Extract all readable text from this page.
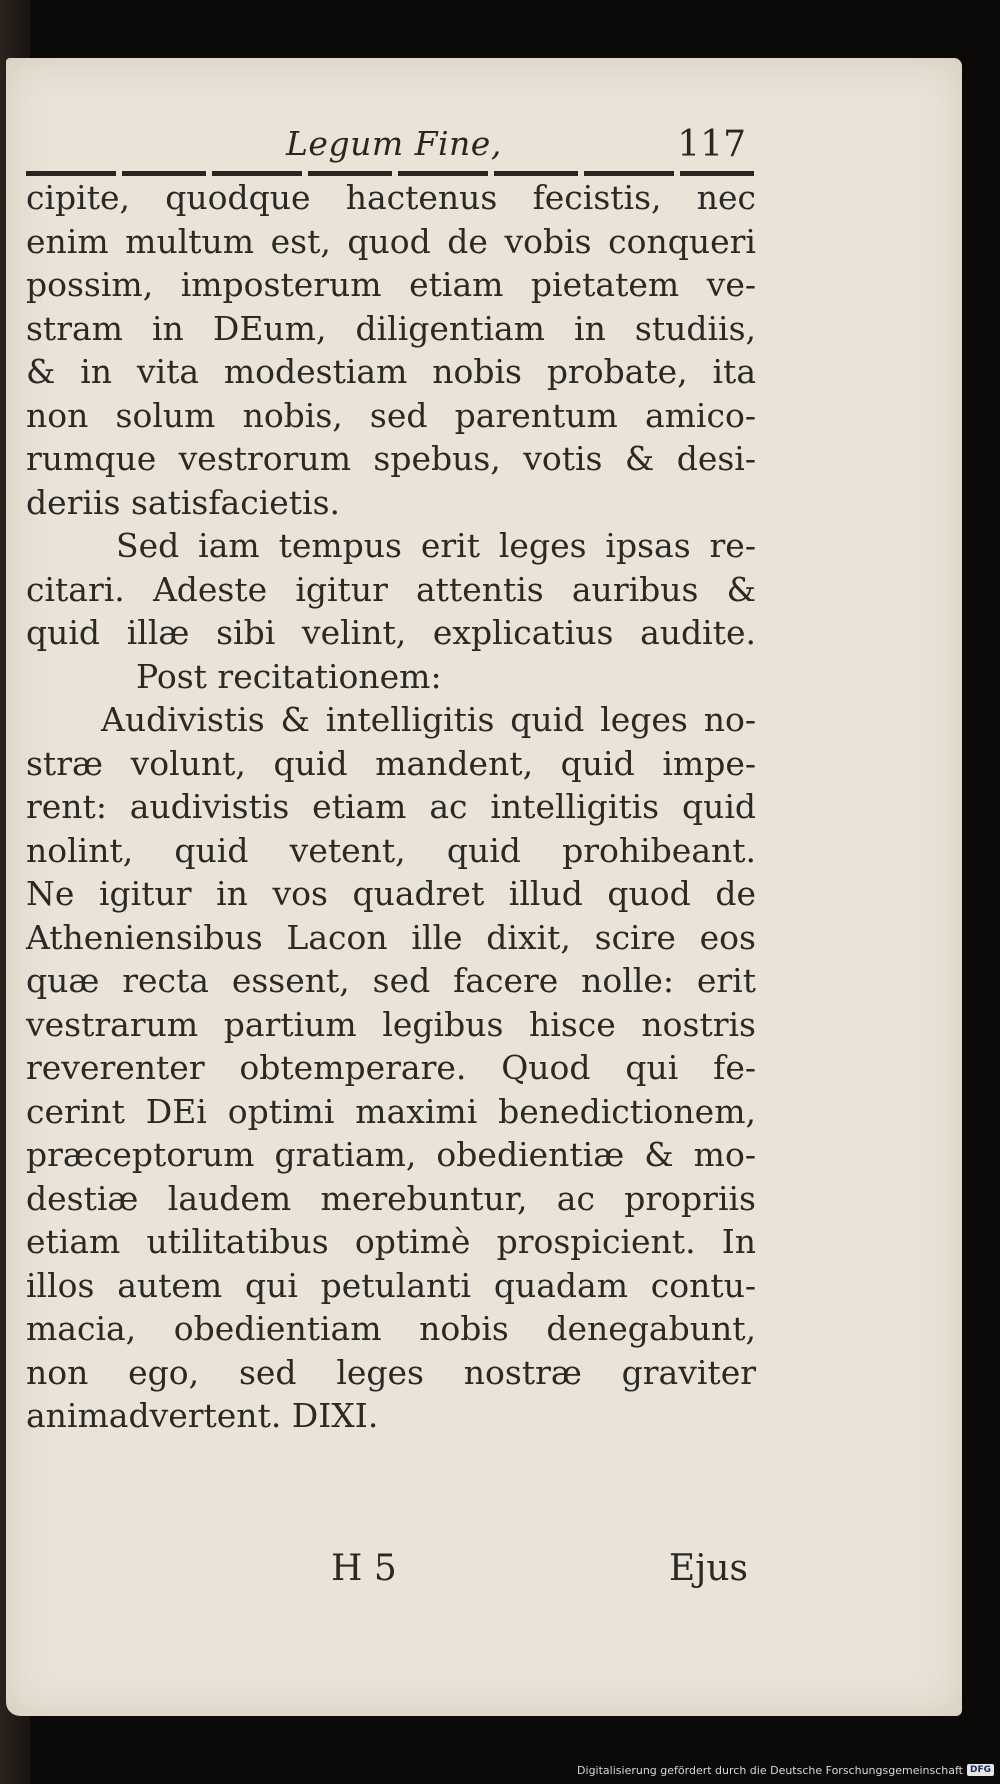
Legum Fine,	117
cipite, quodque hactenus fecistis, nec
enim multum est, quod de vobis conqueri
possim, imposterum etiam pietatem ve-
stram in DEum, diligentiam in studiis,
& in vita modestiam nobis probate, ita
non solum nobis, sed parentum amico-
rumque vestrorum spebus, votis & desi-
deriis satisfacietis.
Sed iam tempus erit leges ipsas re-
citari. Adeste igitur attentis auribus &
quid illæ sibi velint, explicatius audite.
Post recitationem:
Audivistis & intelligitis quid leges no-
stræ volunt, quid mandent, quid impe-
rent: audivistis etiam ac intelligitis quid
nolint, quid vetent, quid prohibeant.
Ne igitur in vos quadret illud quod de
Atheniensibus Lacon ille dixit, scire eos
quæ recta essent, sed facere nolle: erit
vestrarum partium legibus hisce nostris
reverenter obtemperare. Quod qui fe-
cerint DEi optimi maximi benedictionem,
præceptorum gratiam, obedientiæ & mo-
destiæ laudem merebuntur, ac propriis
etiam utilitatibus optimè prospicient. In
illos autem qui petulanti quadam contu-
macia, obedientiam nobis denegabunt,
non ego, sed leges nostræ graviter
animadvertent. DIXI.
H 5	Ejus
Digitalisierung gefördert durch die Deutsche Forschungsgemeinschaft DFG
